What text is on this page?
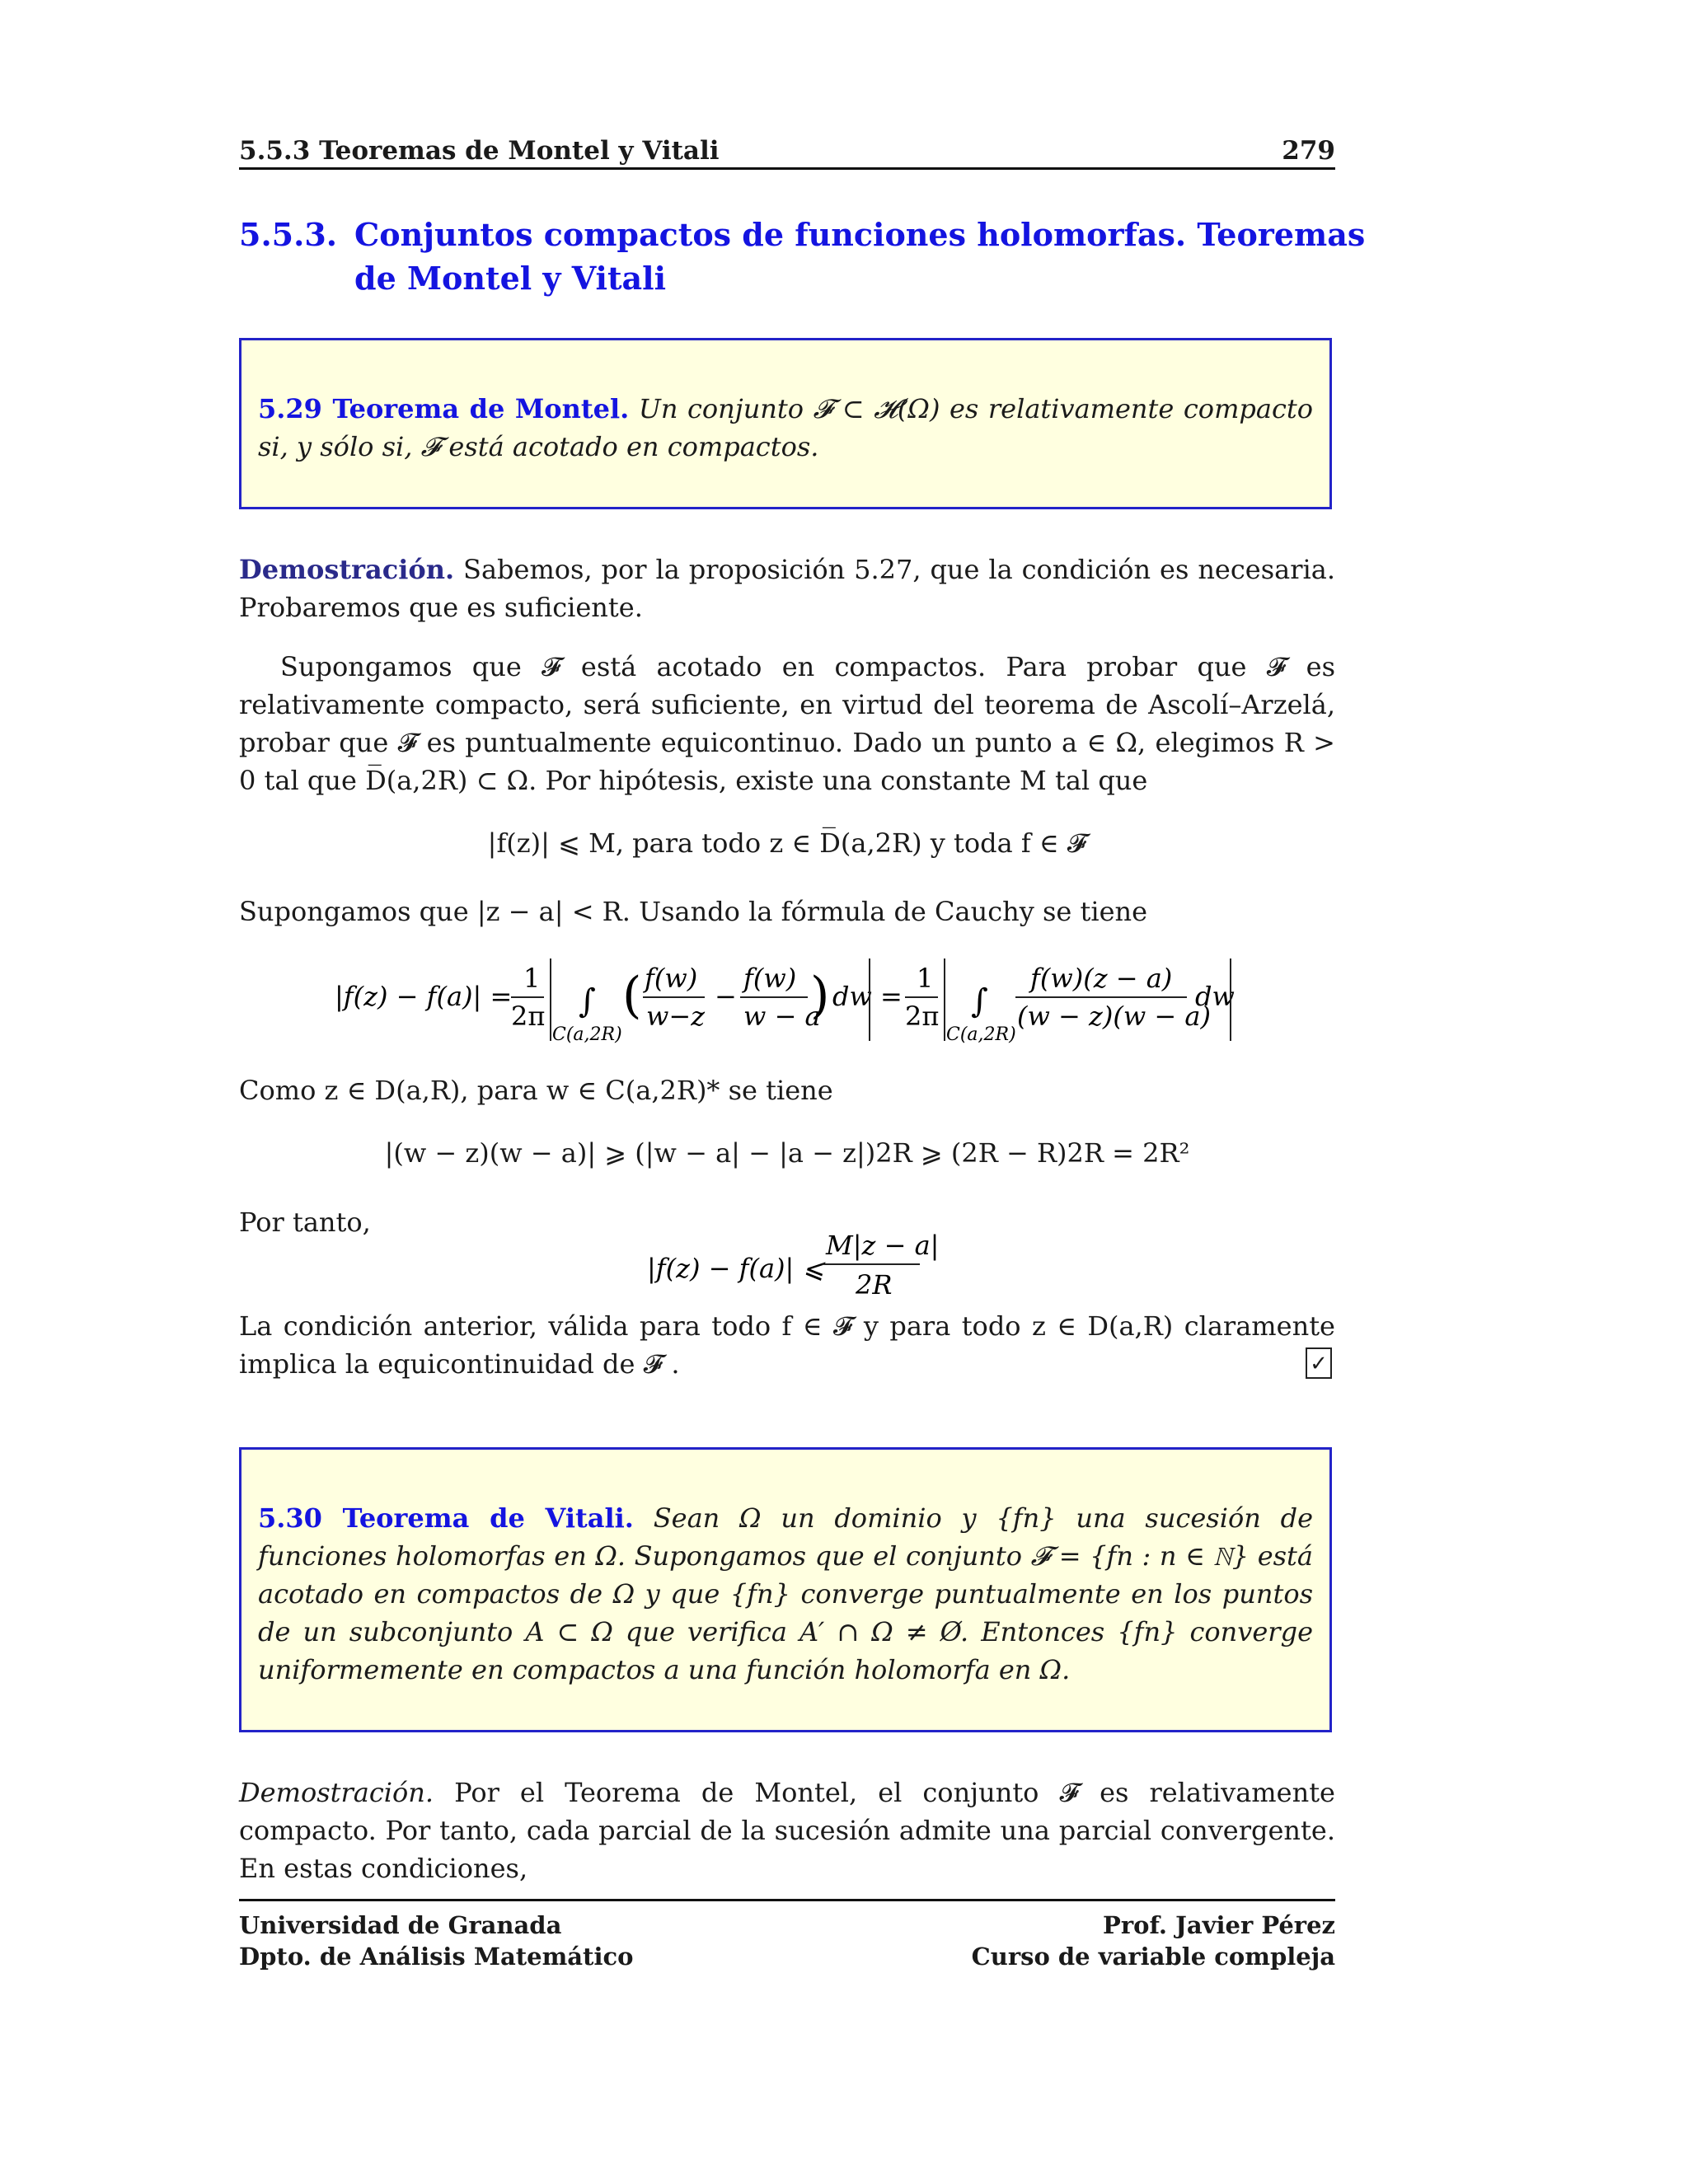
5.5.3 Teoremas de Montel y Vitali	279
5.5.3. Conjuntos compactos de funciones holomorfas. Teoremas de Montel y Vitali

5.29 Teorema de Montel. Un conjunto 𝓕 ⊂ 𝓗(Ω) es relativamente compacto si, y sólo si, 𝓕 está acotado en compactos.

Demostración. Sabemos, por la proposición 5.27, que la condición es necesaria. Probaremos que es suficiente.

Supongamos que 𝓕 está acotado en compactos. Para probar que 𝓕 es relativamente compacto, será suficiente, en virtud del teorema de Ascolí–Arzelá, probar que 𝓕 es puntualmente equicontinuo. Dado un punto a ∈ Ω, elegimos R > 0 tal que D̅(a,2R) ⊂ Ω. Por hipótesis, existe una constante M tal que

|f(z)| ⩽ M, para todo z ∈ D̅(a,2R) y toda f ∈ 𝓕

Supongamos que |z − a| < R. Usando la fórmula de Cauchy se tiene

|f(z) − f(a)| =
1
2π ∫
C(a,2R)
( f(w)
w−z
−
f(w)
w − a
) dw =
1
2π ∫
C(a,2R)
f(w)(z − a)
(w − z)(w − a)
dw

Como z ∈ D(a,R), para w ∈ C(a,2R)* se tiene

|(w − z)(w − a)| ⩾ (|w − a| − |a − z|)2R ⩾ (2R − R)2R = 2R²

Por tanto,

|f(z) − f(a)| ⩽
M|z − a|
2R

La condición anterior, válida para todo f ∈ 𝓕 y para todo z ∈ D(a,R) claramente implica la equicontinuidad de 𝓕 .	✓

5.30 Teorema de Vitali. Sean Ω un dominio y {fn} una sucesión de funciones holomorfas en Ω. Supongamos que el conjunto 𝓕 = {fn : n ∈ ℕ} está acotado en compactos de Ω y que {fn} converge puntualmente en los puntos de un subconjunto A ⊂ Ω que verifica A′ ∩ Ω ≠ Ø. Entonces {fn} converge uniformemente en compactos a una función holomorfa en Ω.

Demostración. Por el Teorema de Montel, el conjunto 𝓕 es relativamente compacto. Por tanto, cada parcial de la sucesión admite una parcial convergente. En estas condiciones,

Universidad de Granada
Dpto. de Análisis Matemático
Prof. Javier Pérez
Curso de variable compleja
